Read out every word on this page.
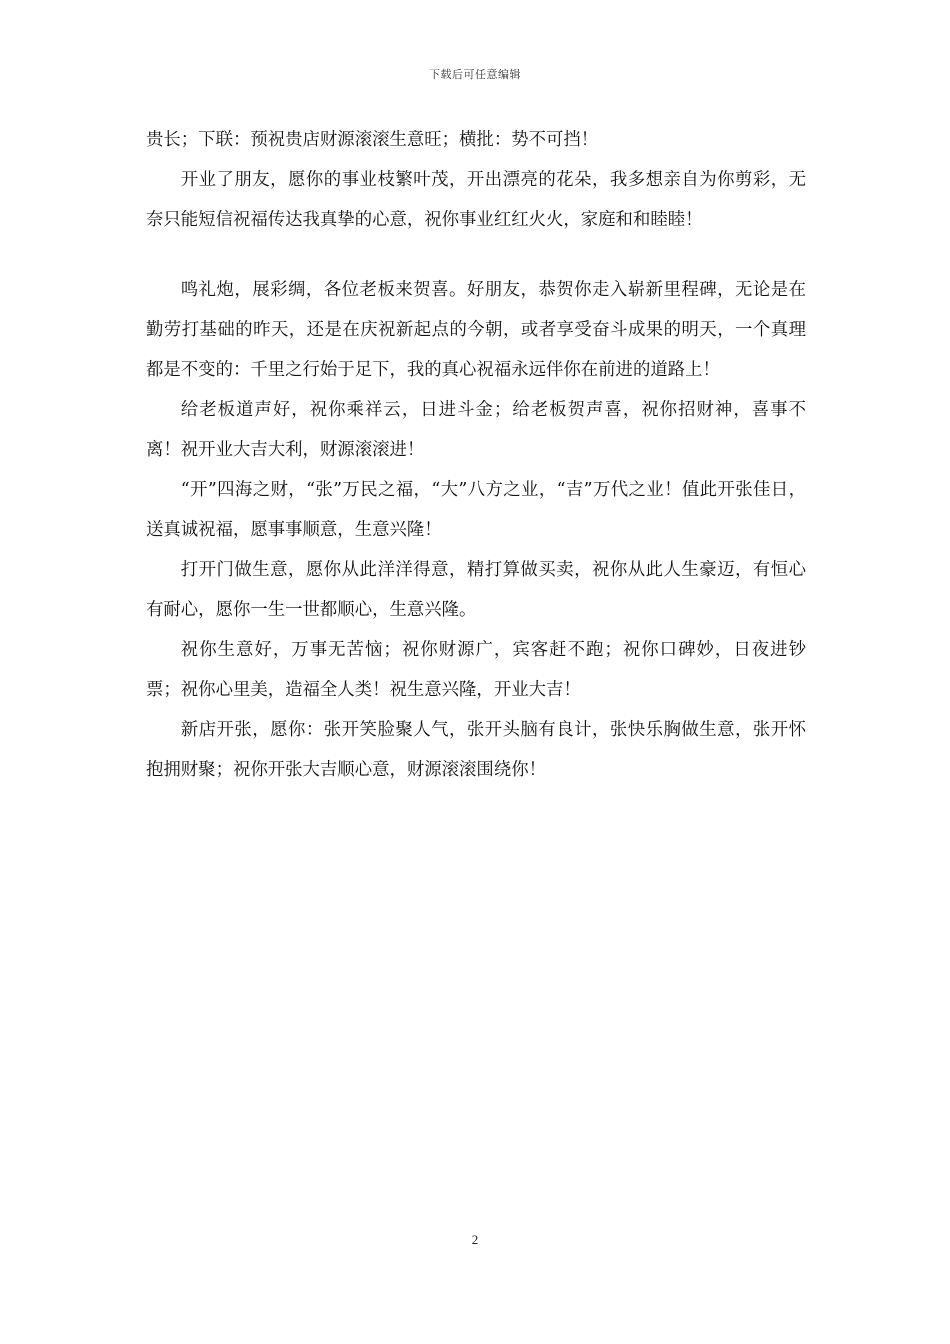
下载后可任意编辑

贵长；下联：预祝贵店财源滚滚生意旺；横批：势不可挡！

开业了朋友，愿你的事业枝繁叶茂，开出漂亮的花朵，我多想亲自为你剪彩，无奈只能短信祝福传达我真挚的心意，祝你事业红红火火，家庭和和睦睦！

鸣礼炮，展彩绸，各位老板来贺喜。好朋友，恭贺你走入崭新里程碑，无论是在勤劳打基础的昨天，还是在庆祝新起点的今朝，或者享受奋斗成果的明天，一个真理都是不变的：千里之行始于足下，我的真心祝福永远伴你在前进的道路上！

给老板道声好，祝你乘祥云，日进斗金；给老板贺声喜，祝你招财神，喜事不离！祝开业大吉大利，财源滚滚进！

“开”四海之财，“张”万民之福，“大”八方之业，“吉”万代之业！值此开张佳日，送真诚祝福，愿事事顺意，生意兴隆！

打开门做生意，愿你从此洋洋得意，精打算做买卖，祝你从此人生豪迈，有恒心有耐心，愿你一生一世都顺心，生意兴隆。

祝你生意好，万事无苦恼；祝你财源广，宾客赶不跑；祝你口碑妙，日夜进钞票；祝你心里美，造福全人类！祝生意兴隆，开业大吉！

新店开张，愿你：张开笑脸聚人气，张开头脑有良计，张快乐胸做生意，张开怀抱拥财聚；祝你开张大吉顺心意，财源滚滚围绕你！

2
